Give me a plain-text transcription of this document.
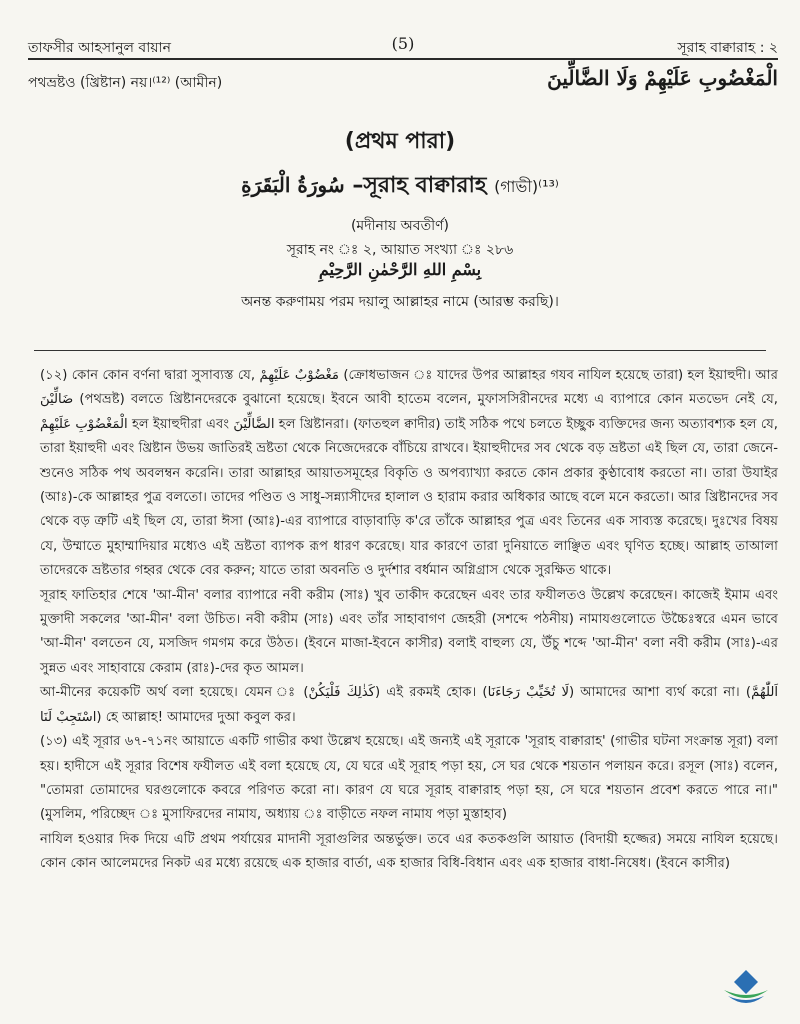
তাফসীর আহসানুল বায়ান	(5)	সূরাহ বাক্বারাহ : ২
পথভ্রষ্টও (খ্রিষ্টান) নয়।⁽¹²⁾ (আমীন)	الْمَغْضُوبِ عَلَيْهِمْ وَلَا الضَّالِّينَ
(প্রথম পারা)
سُورَةُ الْبَقَرَةِ –সূরাহ বাক্বারাহ (গাভী)⁽¹³⁾
(মদীনায় অবতীর্ণ)
সূরাহ নং ঃ ২, আয়াত সংখ্যা ঃ ২৮৬
بِسْمِ اللهِ الرَّحْمٰنِ الرَّحِيْمِ
অনন্ত করুণাময় পরম দয়ালু আল্লাহর নামে (আরম্ভ করছি)।

(১২) কোন কোন বর্ণনা দ্বারা সুসাব্যস্ত যে, مَغْضُوْبٌ عَلَيْهِمْ (ক্রোধভাজন ঃ যাদের উপর আল্লাহর গযব নাযিল হয়েছে তারা) হল ইয়াহুদী। আর ضَالِّيْنَ (পথভ্রষ্ট) বলতে খ্রিষ্টানদেরকে বুঝানো হয়েছে। ইবনে আবী হাতেম বলেন, মুফাসসিরীনদের মধ্যে এ ব্যাপারে কোন মতভেদ নেই যে, الْمَغْضُوْبِ عَلَيْهِمْ হল ইয়াহুদীরা এবং الضَّالِّيْنَ হল খ্রিষ্টানরা। (ফাতহুল ক্বাদীর) তাই সঠিক পথে চলতে ইচ্ছুক ব্যক্তিদের জন্য অত্যাবশ্যক হল যে, তারা ইয়াহুদী এবং খ্রিষ্টান উভয় জাতিরই ভ্রষ্টতা থেকে নিজেদেরকে বাঁচিয়ে রাখবে। ইয়াহুদীদের সব থেকে বড় ভ্রষ্টতা এই ছিল যে, তারা জেনে-শুনেও সঠিক পথ অবলম্বন করেনি। তারা আল্লাহর আয়াতসমূহের বিকৃতি ও অপব্যাখ্যা করতে কোন প্রকার কুণ্ঠাবোধ করতো না। তারা উযাইর (আঃ)-কে আল্লাহর পুত্র বলতো। তাদের পণ্ডিত ও সাধু-সন্ন্যাসীদের হালাল ও হারাম করার অধিকার আছে বলে মনে করতো। আর খ্রিষ্টানদের সব থেকে বড় ত্রুটি এই ছিল যে, তারা ঈসা (আঃ)-এর ব্যাপারে বাড়াবাড়ি ক'রে তাঁকে আল্লাহর পুত্র এবং তিনের এক সাব্যস্ত করেছে। দুঃখের বিষয় যে, উম্মাতে মুহাম্মাদিয়ার মধ্যেও এই ভ্রষ্টতা ব্যাপক রূপ ধারণ করেছে। যার কারণে তারা দুনিয়াতে লাঞ্ছিত এবং ঘৃণিত হচ্ছে। আল্লাহ তাআলা তাদেরকে ভ্রষ্টতার গহ্বর থেকে বের করুন; যাতে তারা অবনতি ও দুর্দশার বর্ধমান অগ্নিগ্রাস থেকে সুরক্ষিত থাকে।

সূরাহ ফাতিহার শেষে 'আ-মীন' বলার ব্যাপারে নবী করীম (সাঃ) খুব তাকীদ করেছেন এবং তার ফযীলতও উল্লেখ করেছেন। কাজেই ইমাম এবং মুক্তাদী সকলের 'আ-মীন' বলা উচিত। নবী করীম (সাঃ) এবং তাঁর সাহাবাগণ জেহরী (সশব্দে পঠনীয়) নামাযগুলোতে উচ্চৈঃস্বরে এমন ভাবে 'আ-মীন' বলতেন যে, মসজিদ গমগম করে উঠত। (ইবনে মাজা-ইবনে কাসীর) বলাই বাহুল্য যে, উঁচু শব্দে 'আ-মীন' বলা নবী করীম (সাঃ)-এর সুন্নত এবং সাহাবায়ে কেরাম (রাঃ)-দের কৃত আমল।

আ-মীনের কয়েকটি অর্থ বলা হয়েছে। যেমন ঃ (كَذٰلِكَ فَلْيَكُنْ) এই রকমই হোক। (لَا تُخَيِّبْ رَجَاءَنَا) আমাদের আশা ব্যর্থ করো না। (اَللّٰهُمَّ اسْتَجِبْ لَنَا) হে আল্লাহ! আমাদের দুআ কবুল কর।

(১৩) এই সূরার ৬৭-৭১নং আয়াতে একটি গাভীর কথা উল্লেখ হয়েছে। এই জন্যই এই সূরাকে 'সূরাহ বাক্বারাহ' (গাভীর ঘটনা সংক্রান্ত সূরা) বলা হয়। হাদীসে এই সূরার বিশেষ ফযীলত এই বলা হয়েছে যে, যে ঘরে এই সূরাহ পড়া হয়, সে ঘর থেকে শয়তান পলায়ন করে। রসূল (সাঃ) বলেন, "তোমরা তোমাদের ঘরগুলোকে কবরে পরিণত করো না। কারণ যে ঘরে সূরাহ বাক্বারাহ পড়া হয়, সে ঘরে শয়তান প্রবেশ করতে পারে না।" (মুসলিম, পরিচ্ছেদ ঃ মুসাফিরদের নামায, অধ্যায় ঃ বাড়ীতে নফল নামায পড়া মুস্তাহাব)

নাযিল হওয়ার দিক দিয়ে এটি প্রথম পর্যায়ের মাদানী সূরাগুলির অন্তর্ভুক্ত। তবে এর কতকগুলি আয়াত (বিদায়ী হজ্জের) সময়ে নাযিল হয়েছে। কোন কোন আলেমদের নিকট এর মধ্যে রয়েছে এক হাজার বার্তা, এক হাজার বিধি-বিধান এবং এক হাজার বাধা-নিষেধ। (ইবনে কাসীর)
